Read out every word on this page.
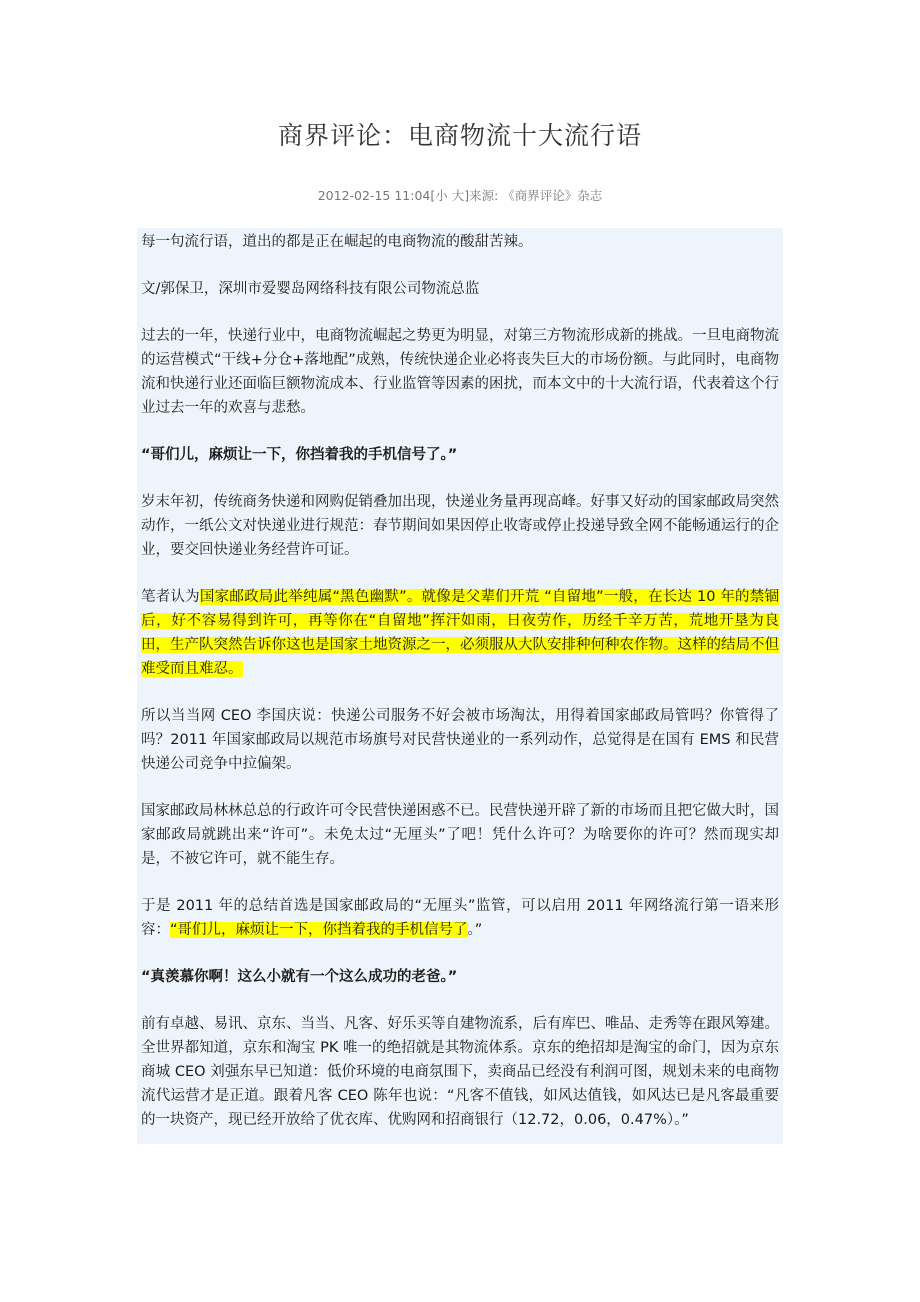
商界评论：电商物流十大流行语
2012-02-15 11:04[小 大]来源: 《商界评论》杂志

每一句流行语，道出的都是正在崛起的电商物流的酸甜苦辣。

文/郭保卫，深圳市爱婴岛网络科技有限公司物流总监

过去的一年，快递行业中，电商物流崛起之势更为明显，对第三方物流形成新的挑战。一旦电商物流的运营模式“干线+分仓+落地配”成熟，传统快递企业必将丧失巨大的市场份额。与此同时，电商物流和快递行业还面临巨额物流成本、行业监管等因素的困扰，而本文中的十大流行语，代表着这个行业过去一年的欢喜与悲愁。

“哥们儿，麻烦让一下，你挡着我的手机信号了。”

岁末年初，传统商务快递和网购促销叠加出现，快递业务量再现高峰。好事又好动的国家邮政局突然动作，一纸公文对快递业进行规范：春节期间如果因停止收寄或停止投递导致全网不能畅通运行的企业，要交回快递业务经营许可证。

笔者认为国家邮政局此举纯属“黑色幽默”。就像是父辈们开荒 “自留地”一般，在长达 10 年的禁锢后，好不容易得到许可，再等你在“自留地”挥汗如雨，日夜劳作，历经千辛万苦，荒地开垦为良田，生产队突然告诉你这也是国家土地资源之一，必须服从大队安排种何种农作物。这样的结局不但难受而且难忍。

所以当当网 CEO 李国庆说：快递公司服务不好会被市场淘汰，用得着国家邮政局管吗？你管得了吗？2011 年国家邮政局以规范市场旗号对民营快递业的一系列动作，总觉得是在国有 EMS 和民营快递公司竞争中拉偏架。

国家邮政局林林总总的行政许可令民营快递困惑不已。民营快递开辟了新的市场而且把它做大时，国家邮政局就跳出来“许可”。未免太过“无厘头”了吧！凭什么许可？为啥要你的许可？然而现实却是，不被它许可，就不能生存。

于是 2011 年的总结首选是国家邮政局的“无厘头”监管，可以启用 2011 年网络流行第一语来形容：“哥们儿，麻烦让一下，你挡着我的手机信号了。”

“真羡慕你啊！这么小就有一个这么成功的老爸。”

前有卓越、易讯、京东、当当、凡客、好乐买等自建物流系，后有库巴、唯品、走秀等在跟风筹建。全世界都知道，京东和淘宝 PK 唯一的绝招就是其物流体系。京东的绝招却是淘宝的命门，因为京东商城 CEO 刘强东早已知道：低价环境的电商氛围下，卖商品已经没有利润可图，规划未来的电商物流代运营才是正道。跟着凡客 CEO 陈年也说：“凡客不值钱，如风达值钱，如风达已是凡客最重要的一块资产，现已经开放给了优衣库、优购网和招商银行（12.72，0.06，0.47%）。”
